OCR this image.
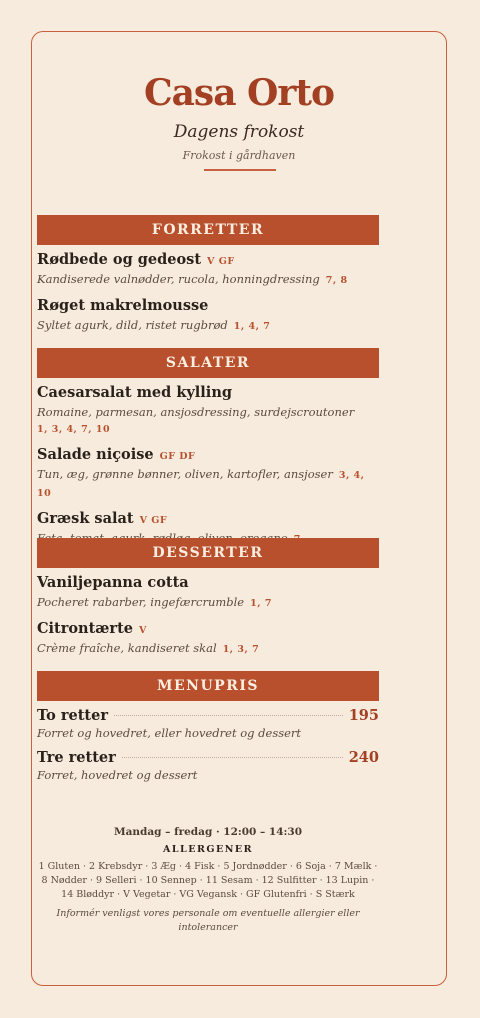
Casa Orto
Dagens frokost
Frokost i gårdhaven
FORRETTER
Rødbede og gedeost V GF
Kandiserede valnødder, rucola, honningdressing 7, 8
Røget makrelmousse
Syltet agurk, dild, ristet rugbrød 1, 4, 7
SALATER
Caesarsalat med kylling
Romaine, parmesan, ansjosdressing, surdejscroutoner
1, 3, 4, 7, 10
Salade niçoise GF DF
Tun, æg, grønne bønner, oliven, kartofler, ansjoser 3, 4, 10
Græsk salat V GF
DESSERTER
Vaniljepanna cotta
Pocheret rabarber, ingefærcrumble 1, 7
Citrontærte V
Crème fraîche, kandiseret skal 1, 3, 7
MENUPRIS
To retter	195
Forret og hovedret, eller hovedret og dessert
Tre retter	240
Forret, hovedret og dessert
Mandag – fredag · 12:00 – 14:30
ALLERGENER
1 Gluten · 2 Krebsdyr · 3 Æg · 4 Fisk · 5 Jordnødder · 6 Soja · 7 Mælk · 8 Nødder · 9 Selleri · 10 Sennep · 11 Sesam · 12 Sulfitter · 13 Lupin · 14 Bløddyr · V Vegetar · VG Vegansk · GF Glutenfri · S Stærk
Informér venligst vores personale om eventuelle allergier eller intolerancer
